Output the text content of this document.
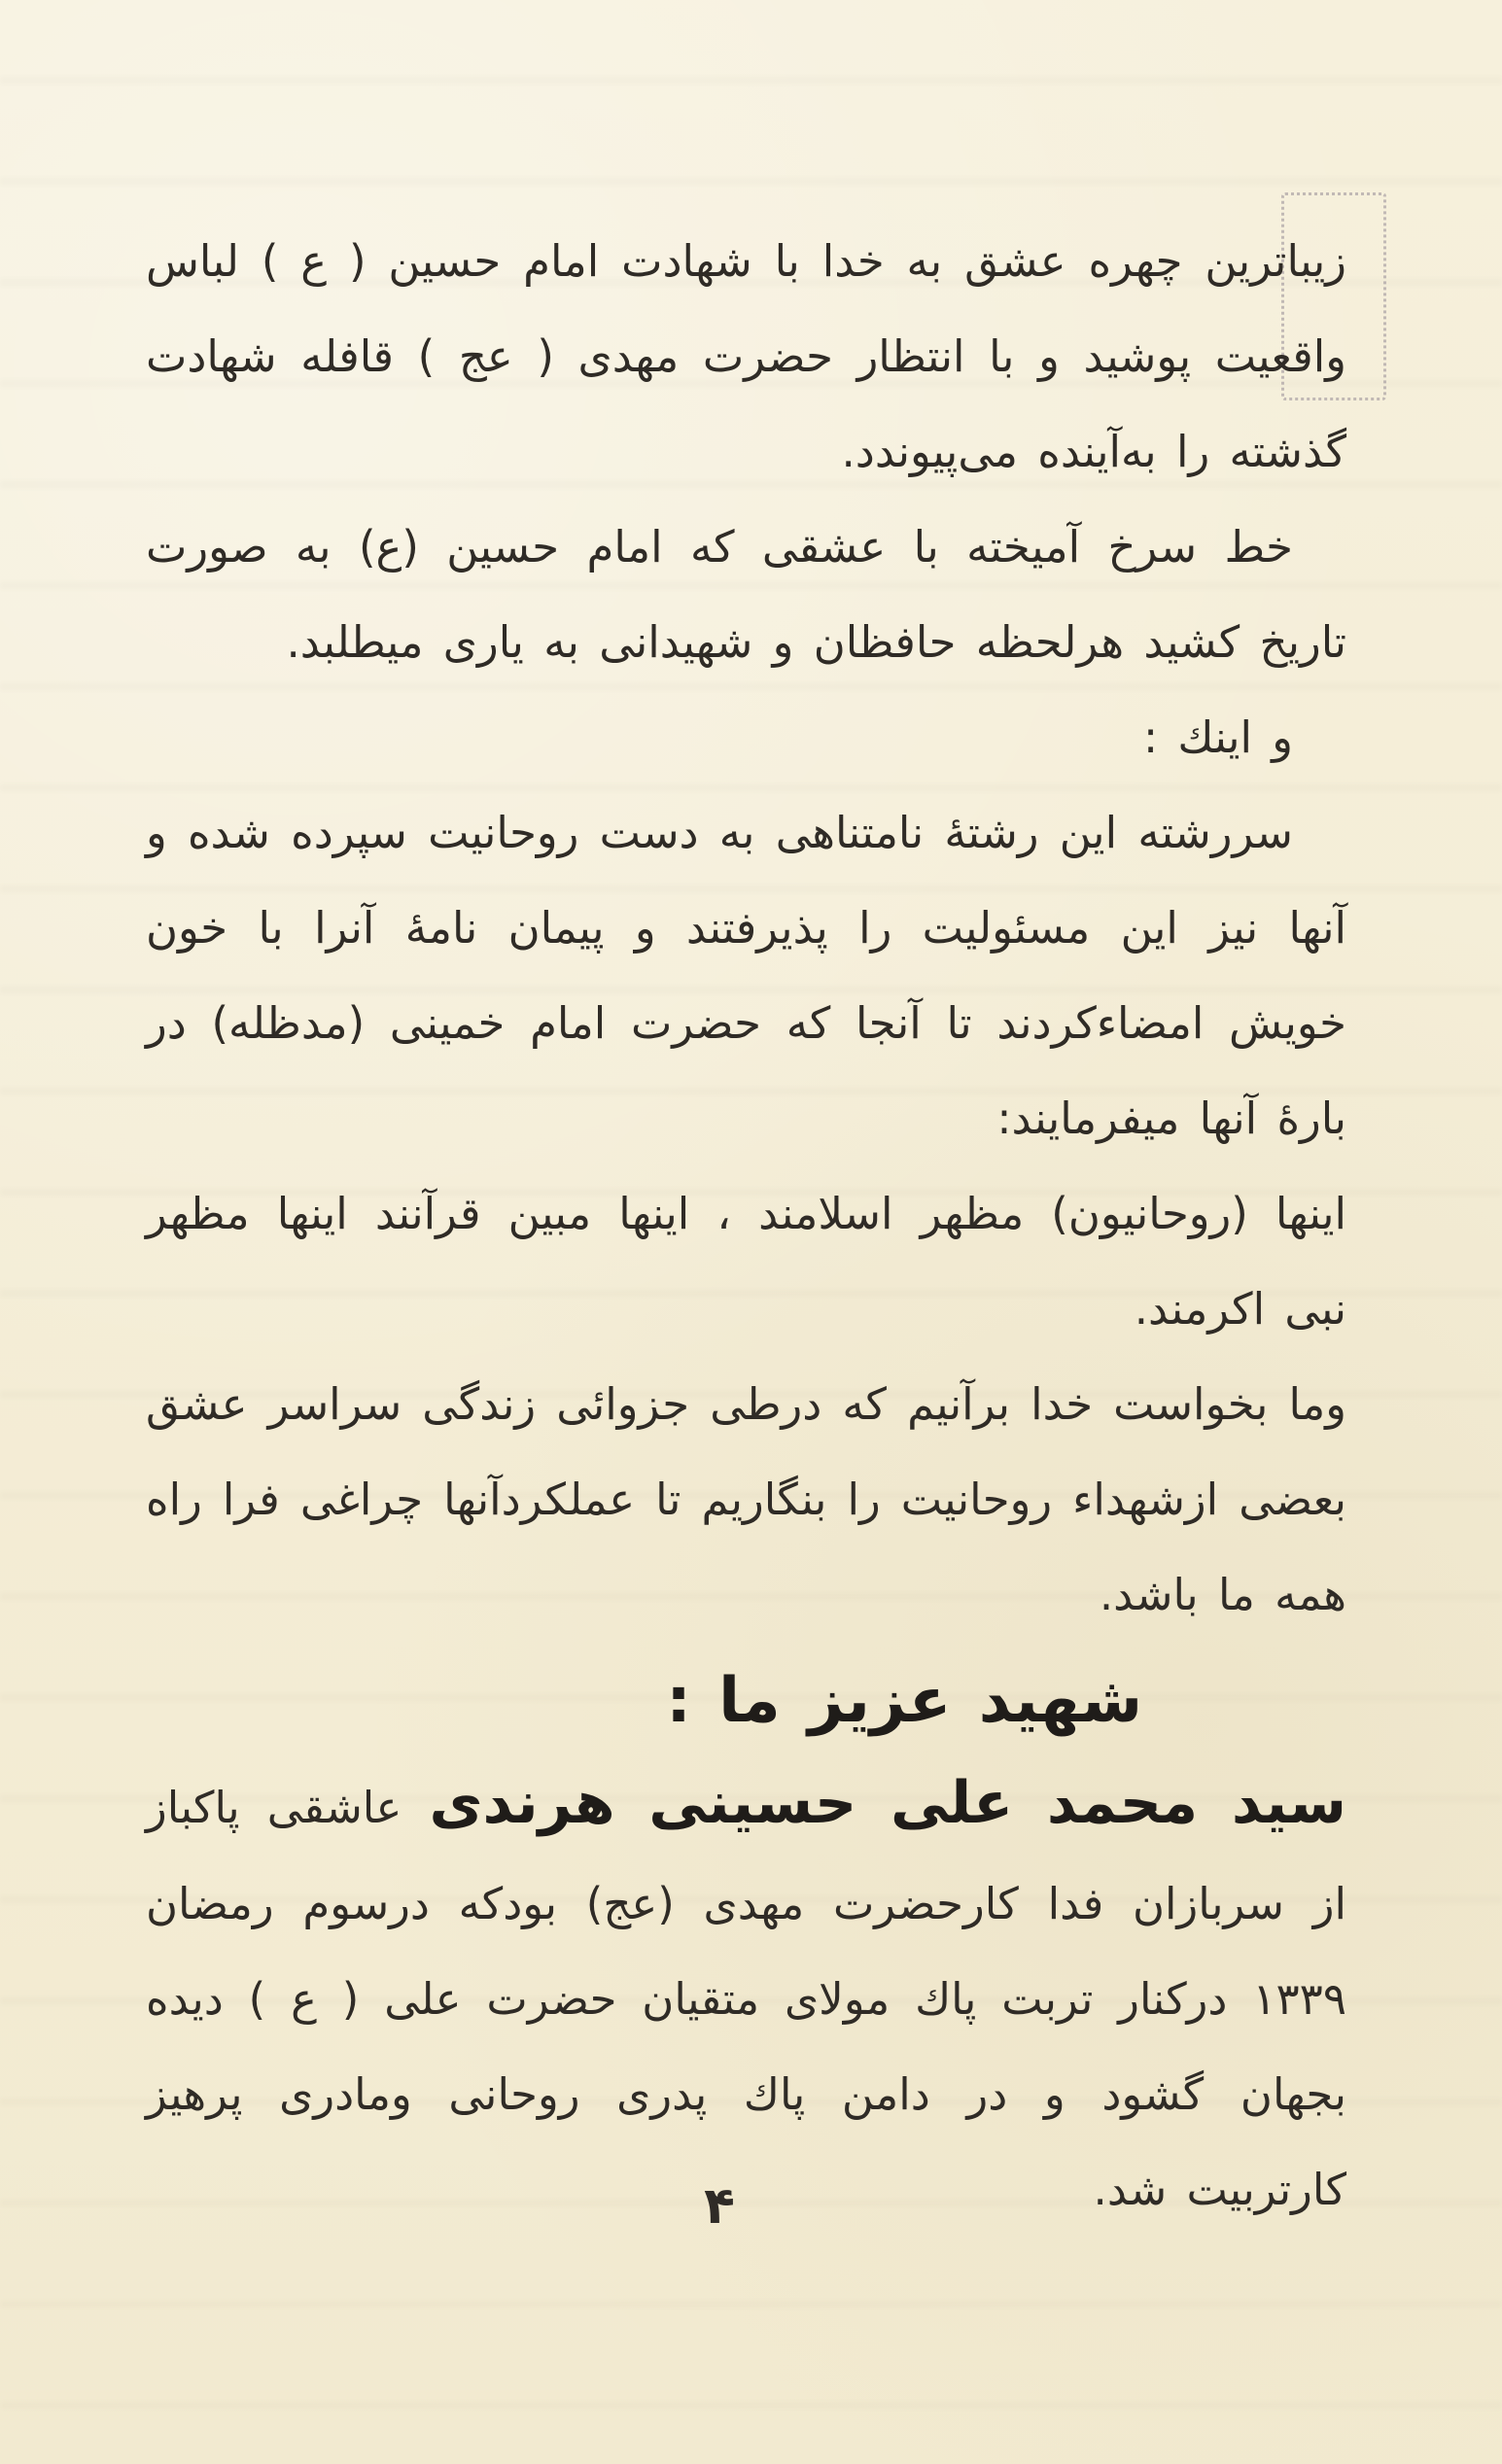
زیباترین چهره عشق به خدا با شهادت امام حسین ( ع ) لباس واقعیت پوشید و با انتظار حضرت مهدی ( عج ) قافله شهادت گذشته را به‌آینده می‌پیوندد.

خط سرخ آمیخته با عشقی که امام حسین (ع) به صورت تاریخ کشید هرلحظه حافظان و شهیدانی به یاری میطلبد.

و اینك :

سررشته این رشتهٔ نامتناهی به دست روحانیت سپرده شده و آنها نیز این مسئولیت را پذیرفتند و پیمان نامهٔ آنرا با خون خویش امضاءکردند تا آنجا که حضرت امام خمینی (مدظله) در بارهٔ آنها میفرمایند:

اینها (روحانیون) مظهر اسلامند ، اینها مبین قرآنند اینها مظهر نبی اکرمند.

وما بخواست خدا برآنیم که درطی جزوائی زندگی سراسر عشق بعضی ازشهداء روحانیت را بنگاریم تا عملکردآنها چراغی فرا راه همه ما باشد.

شهید عزیز ما :

سید محمد علی حسینی هرندی عاشقی پاکباز از سربازان فدا کارحضرت مهدی (عج) بودکه درسوم رمضان ۱۳۳۹ درکنار تربت پاك مولای متقیان حضرت علی ( ع ) دیده بجهان گشود و در دامن پاك پدری روحانی ومادری پرهیز کارتربیت شد.

۴
